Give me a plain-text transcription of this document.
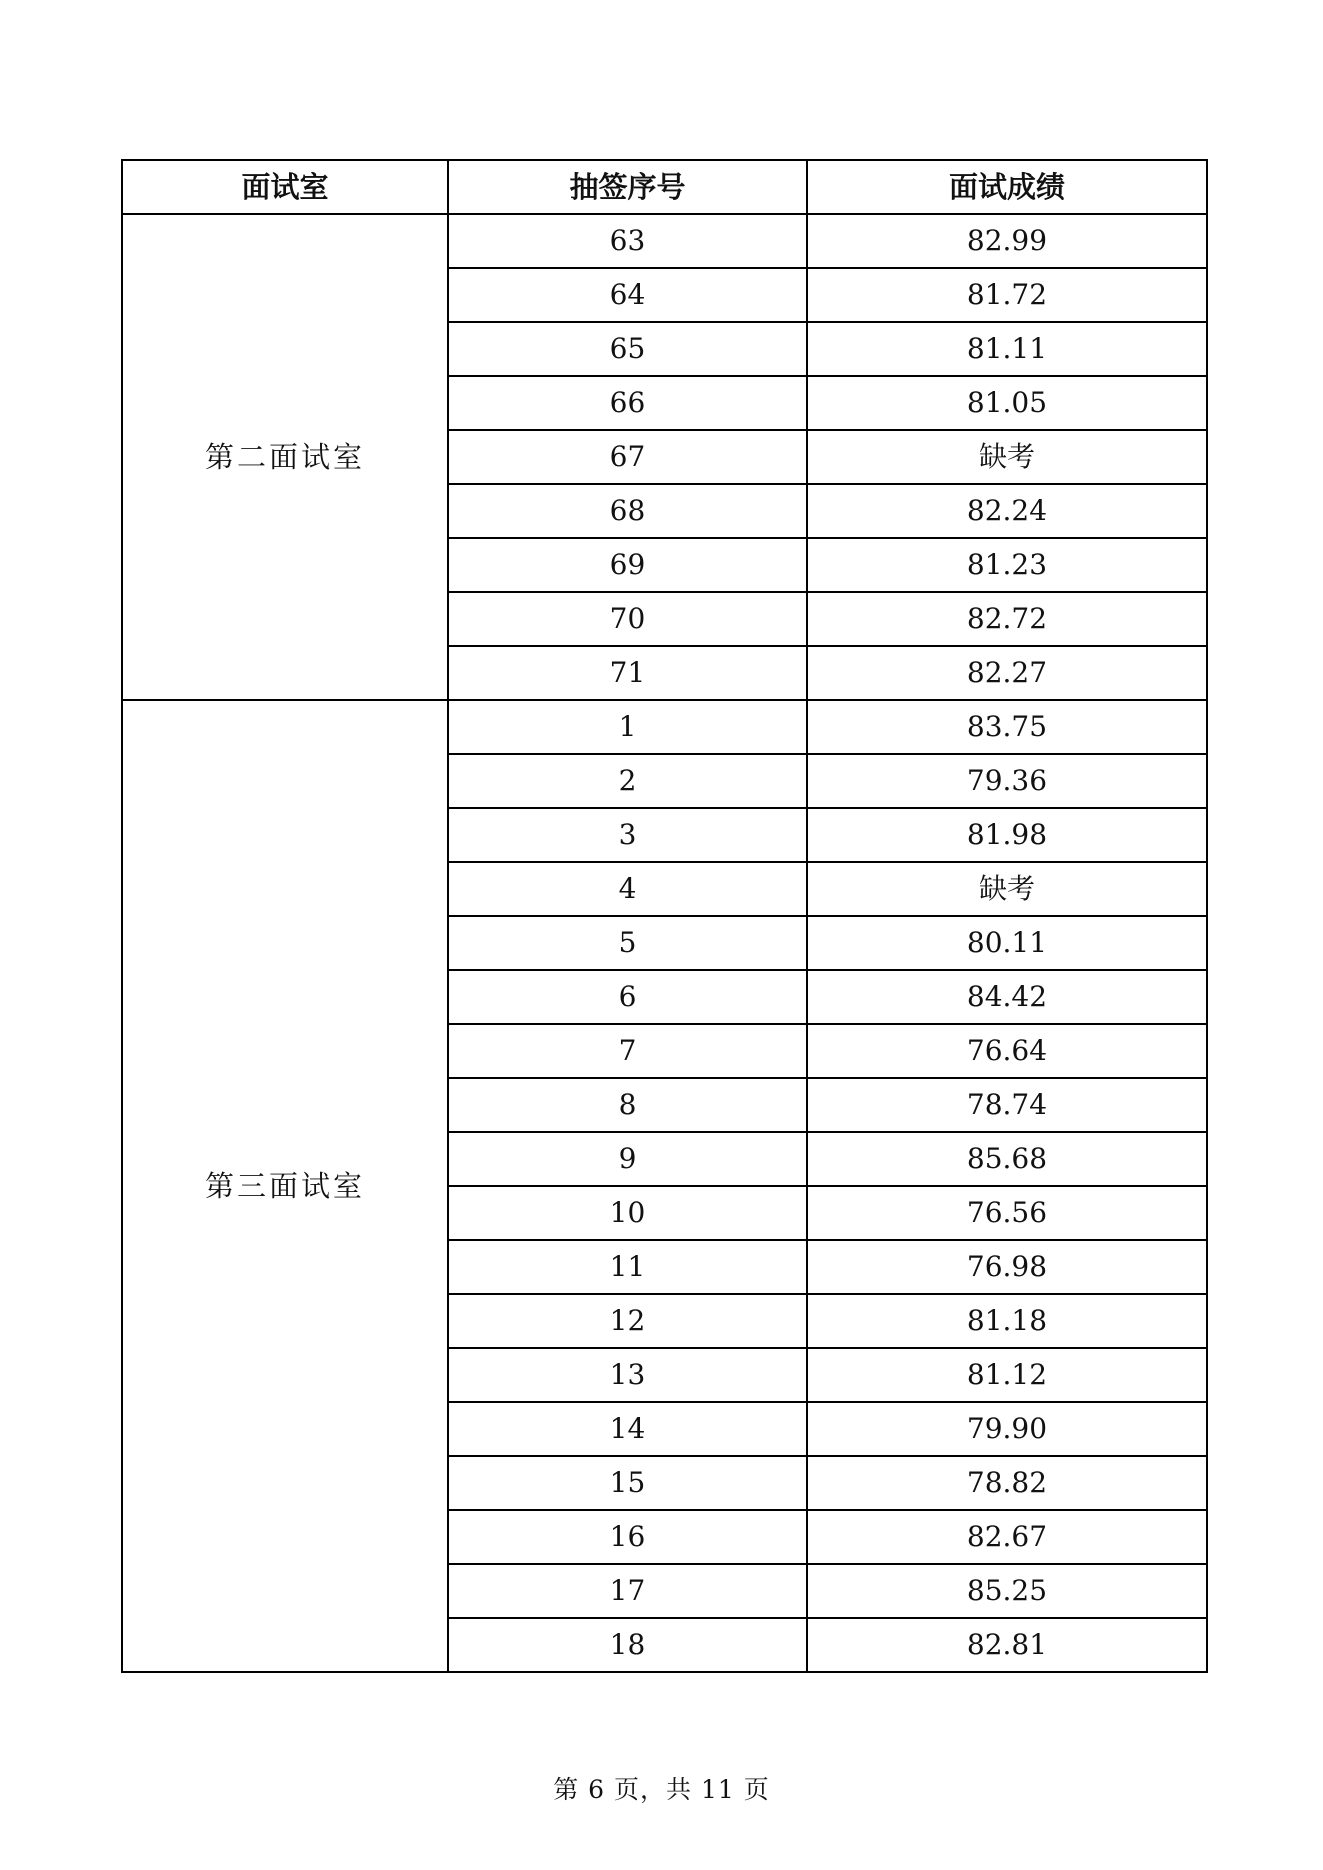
面试室	抽签序号	面试成绩
第二面试室	63	82.99
	64	81.72
	65	81.11
	66	81.05
	67	缺考
	68	82.24
	69	81.23
	70	82.72
	71	82.27
第三面试室	1	83.75
	2	79.36
	3	81.98
	4	缺考
	5	80.11
	6	84.42
	7	76.64
	8	78.74
	9	85.68
	10	76.56
	11	76.98
	12	81.18
	13	81.12
	14	79.90
	15	78.82
	16	82.67
	17	85.25
	18	82.81
第 6 页，共 11 页
